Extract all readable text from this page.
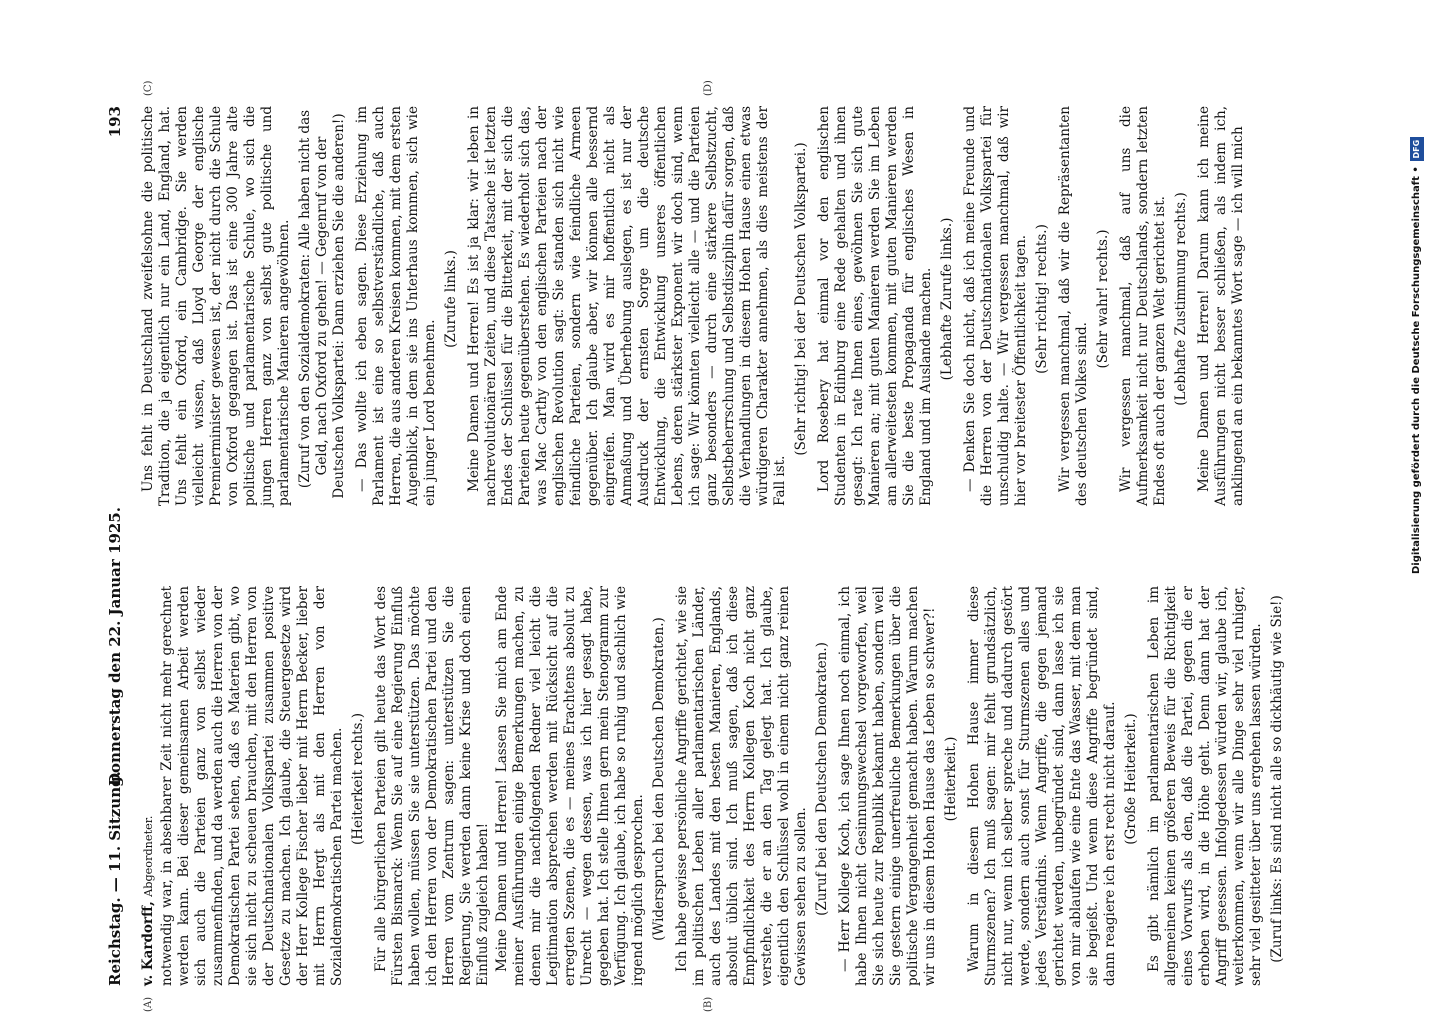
Digitalisierung gefördert durch die Deutsche Forschungsgemeinschaft • DFG
Reichstag. — 11. Sitzung.
Donnerstag den 22. Januar 1925.
193
(A)	(B)

v. Kardorff, Abgeordneter. notwendig war, in absehbarer Zeit nicht mehr gerechnet werden kann. Bei dieser gemeinsamen Arbeit werden sich auch die Parteien ganz von selbst wieder zusammenfinden, und da werden auch die Herren von der Demokratischen Partei sehen, daß es Materien gibt, wo sie sich nicht zu scheuen brauchen, mit den Herren von der Deutschnationalen Volkspartei zusammen positive Gesetze zu machen. Ich glaube, die Steuergesetze wird der Herr Kollege Fischer lieber mit Herrn Becker, lieber mit Herrn Hergt als mit den Herren von der Sozialdemokratischen Partei machen. (Heiterkeit rechts.) Für alle bürgerlichen Parteien gilt heute das Wort des Fürsten Bismarck: Wenn Sie auf eine Regierung Einfluß haben wollen, müssen Sie sie unterstützen. Das möchte ich den Herren von der Demokratischen Partei und den Herren vom Zentrum sagen: unterstützen Sie die Regierung, Sie werden dann keine Krise und doch einen Einfluß zugleich haben! Meine Damen und Herren! Lassen Sie mich am Ende meiner Ausführungen einige Bemerkungen machen, zu denen mir die nachfolgenden Redner viel leicht die Legitimation absprechen werden mit Rücksicht auf die erregten Szenen, die es — meines Erachtens absolut zu Unrecht — wegen dessen, was ich hier gesagt habe, gegeben hat. Ich stelle Ihnen gern mein Stenogramm zur Verfügung. Ich glaube, ich habe so ruhig und sachlich wie irgend möglich gesprochen. (Widerspruch bei den Deutschen Demokraten.) Ich habe gewisse persönliche Angriffe gerichtet, wie sie im politischen Leben aller parlamentarischen Länder, auch des Landes mit den besten Manieren, Englands, absolut üblich sind. Ich muß sagen, daß ich diese Empfindlichkeit des Herrn Kollegen Koch nicht ganz verstehe, die er an den Tag gelegt hat. Ich glaube, eigentlich den Schlüssel wohl in einem nicht ganz reinen Gewissen sehen zu sollen. (Zuruf bei den Deutschen Demokraten.) — Herr Kollege Koch, ich sage Ihnen noch einmal, ich habe Ihnen nicht Gesinnungswechsel vorgeworfen, weil Sie sich heute zur Republik bekannt haben, sondern weil Sie gestern einige unerfreuliche Bemerkungen über die politische Vergangenheit gemacht haben. Warum machen wir uns in diesem Hohen Hause das Leben so schwer?! (Heiterkeit.) Warum in diesem Hohen Hause immer diese Sturmszenen? Ich muß sagen: mir fehlt grundsätzlich, nicht nur, wenn ich selber spreche und dadurch gestört werde, sondern auch sonst für Sturmszenen alles und jedes Verständnis. Wenn Angriffe, die gegen jemand gerichtet werden, unbegründet sind, dann lasse ich sie von mir ablaufen wie eine Ente das Wasser, mit dem man sie begießt. Und wenn diese Angriffe begründet sind, dann reagiere ich erst recht nicht darauf. (Große Heiterkeit.) Es gibt nämlich im parlamentarischen Leben im allgemeinen keinen größeren Beweis für die Richtigkeit eines Vorwurfs als den, daß die Partei, gegen die er erhoben wird, in die Höhe geht. Denn dann hat der Angriff gesessen. Infolgedessen würden wir, glaube ich, weiterkommen, wenn wir alle Dinge sehr viel ruhiger, sehr viel gesitteter über uns ergehen lassen würden. (Zuruf links: Es sind nicht alle so dickhäutig wie Sie!)

(C)	(D)

Uns fehlt in Deutschland zweifelsohne die politische Tradition, die ja eigentlich nur ein Land, England, hat. Uns fehlt ein Oxford, ein Cambridge. Sie werden vielleicht wissen, daß Lloyd George der englische Premierminister gewesen ist, der nicht durch die Schule von Oxford gegangen ist. Das ist eine 300 Jahre alte politische und parlamentarische Schule, wo sich die jungen Herren ganz von selbst gute politische und parlamentarische Manieren angewöhnen. (Zuruf von den Sozialdemokraten: Alle haben nicht das Geld, nach Oxford zu gehen! — Gegenruf von der Deutschen Volkspartei: Dann erziehen Sie die anderen!) — Das wollte ich eben sagen. Diese Erziehung im Parlament ist eine so selbstverständliche, daß auch Herren, die aus anderen Kreisen kommen, mit dem ersten Augenblick, in dem sie ins Unterhaus kommen, sich wie ein junger Lord benehmen.

(Zurufe links.) Meine Damen und Herren! Es ist ja klar: wir leben in nachrevolutionären Zeiten, und diese Tatsache ist letzten Endes der Schlüssel für die Bitterkeit, mit der sich die Parteien heute gegenüberstehen. Es wiederholt sich das, was Mac Carthy von den englischen Parteien nach der englischen Revolution sagt: Sie standen sich nicht wie feindliche Parteien, sondern wie feindliche Armeen gegenüber. Ich glaube aber, wir können alle bessernd eingreifen. Man wird es mir hoffentlich nicht als Anmaßung und Überhebung auslegen, es ist nur der Ausdruck der ernsten Sorge um die deutsche Entwicklung, die Entwicklung unseres öffentlichen Lebens, deren stärkster Exponent wir doch sind, wenn ich sage: Wir könnten vielleicht alle — und die Parteien ganz besonders — durch eine stärkere Selbstzucht, Selbstbeherrschung und Selbstdisziplin dafür sorgen, daß die Verhandlungen in diesem Hohen Hause einen etwas würdigeren Charakter annehmen, als dies meistens der Fall ist.

(Sehr richtig! bei der Deutschen Volkspartei.) Lord Rosebery hat einmal vor den englischen Studenten in Edinburg eine Rede gehalten und ihnen gesagt: Ich rate Ihnen eines, gewöhnen Sie sich gute Manieren an; mit guten Manieren werden Sie im Leben am allerweitesten kommen, mit guten Manieren werden Sie die beste Propaganda für englisches Wesen in England und im Auslande machen. (Lebhafte Zurufe links.) — Denken Sie doch nicht, daß ich meine Freunde und die Herren von der Deutschnationalen Volkspartei für unschuldig halte. — Wir vergessen manchmal, daß wir hier vor breitester Öffentlichkeit tagen. (Sehr richtig! rechts.) Wir vergessen manchmal, daß wir die Repräsentanten des deutschen Volkes sind.

(Sehr wahr! rechts.) Wir vergessen manchmal, daß auf uns die Aufmerksamkeit nicht nur Deutschlands, sondern letzten Endes oft auch der ganzen Welt gerichtet ist. (Lebhafte Zustimmung rechts.) Meine Damen und Herren! Darum kann ich meine Ausführungen nicht besser schließen, als indem ich, anklingend an ein bekanntes Wort sage — ich will mich
